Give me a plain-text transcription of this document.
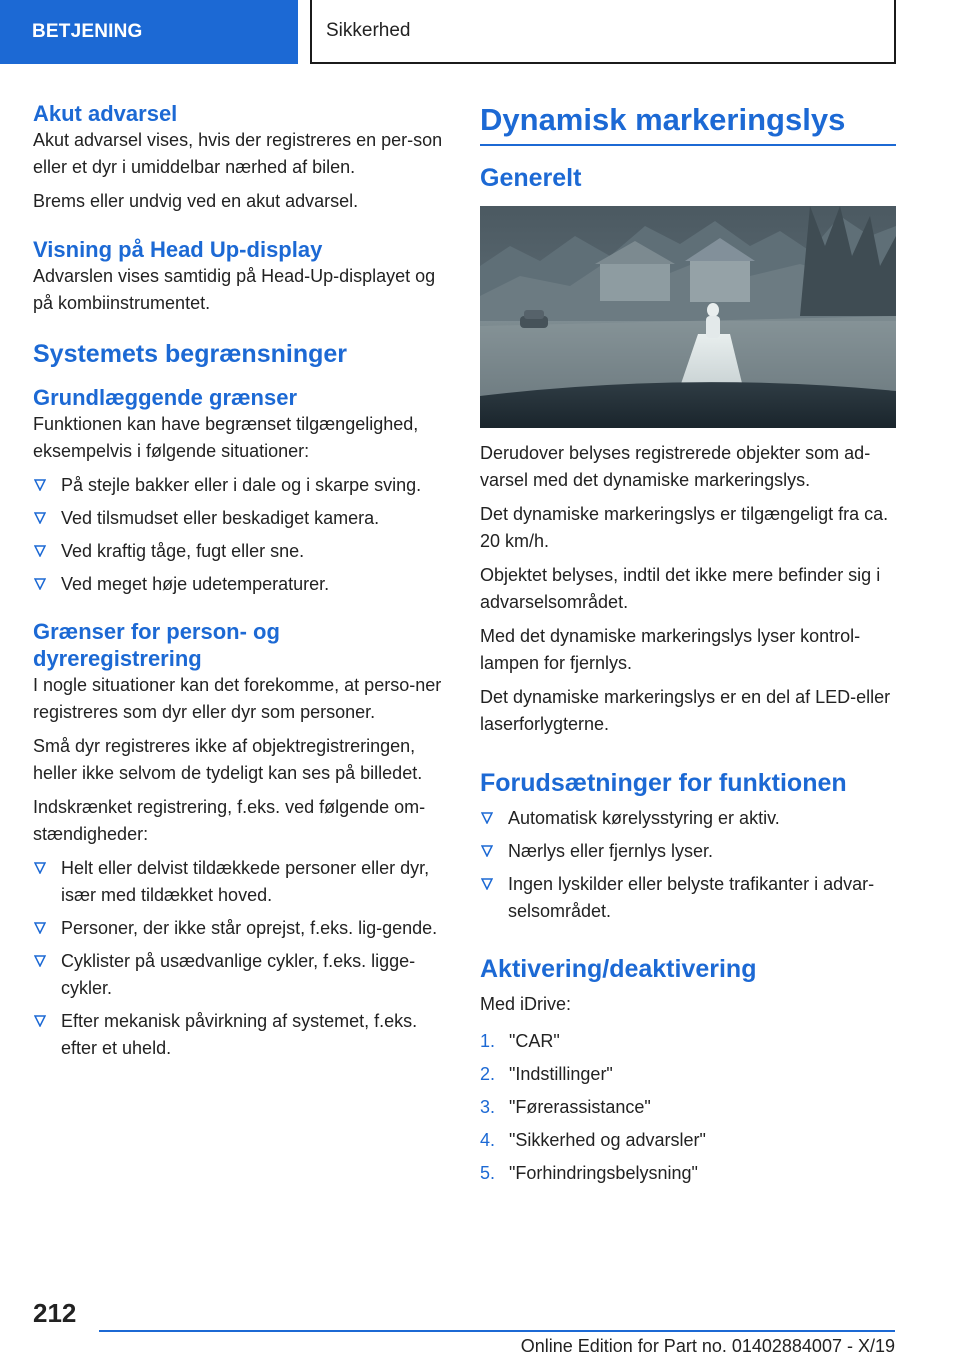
BETJENING	Sikkerhed
Akut advarsel

Akut advarsel vises, hvis der registreres en per-son eller et dyr i umiddelbar nærhed af bilen.

Brems eller undvig ved en akut advarsel.

Visning på Head Up-display

Advarslen vises samtidig på Head-Up-displayet og på kombiinstrumentet.

Systemets begrænsninger
Grundlæggende grænser

Funktionen kan have begrænset tilgængelighed, eksempelvis i følgende situationer:

På stejle bakker eller i dale og i skarpe sving.
Ved tilsmudset eller beskadiget kamera.
Ved kraftig tåge, fugt eller sne.
Ved meget høje udetemperaturer.
Grænser for person- og dyreregistrering

I nogle situationer kan det forekomme, at perso-ner registreres som dyr eller dyr som personer.

Små dyr registreres ikke af objektregistreringen, heller ikke selvom de tydeligt kan ses på billedet.

Indskrænket registrering, f.eks. ved følgende om-stændigheder:

Helt eller delvist tildækkede personer eller dyr, især med tildækket hoved.
Personer, der ikke står oprejst, f.eks. lig-gende.
Cyklister på usædvanlige cykler, f.eks. ligge-cykler.
Efter mekanisk påvirkning af systemet, f.eks. efter et uheld.
Dynamisk markeringslys
Generelt

Derudover belyses registrerede objekter som ad-varsel med det dynamiske markeringslys.

Det dynamiske markeringslys er tilgængeligt fra ca. 20 km/h.

Objektet belyses, indtil det ikke mere befinder sig i advarselsområdet.

Med det dynamiske markeringslys lyser kontrol-lampen for fjernlys.

Det dynamiske markeringslys er en del af LED-eller laserforlygterne.

Forudsætninger for funktionen
Automatisk kørelysstyring er aktiv.
Nærlys eller fjernlys lyser.
Ingen lyskilder eller belyste trafikanter i advar-selsområdet.
Aktivering/deaktivering

Med iDrive:

1. "CAR"
2. "Indstillinger"
3. "Førerassistance"
4. "Sikkerhed og advarsler"
5. "Forhindringsbelysning"
212
Online Edition for Part no. 01402884007 - X/19
